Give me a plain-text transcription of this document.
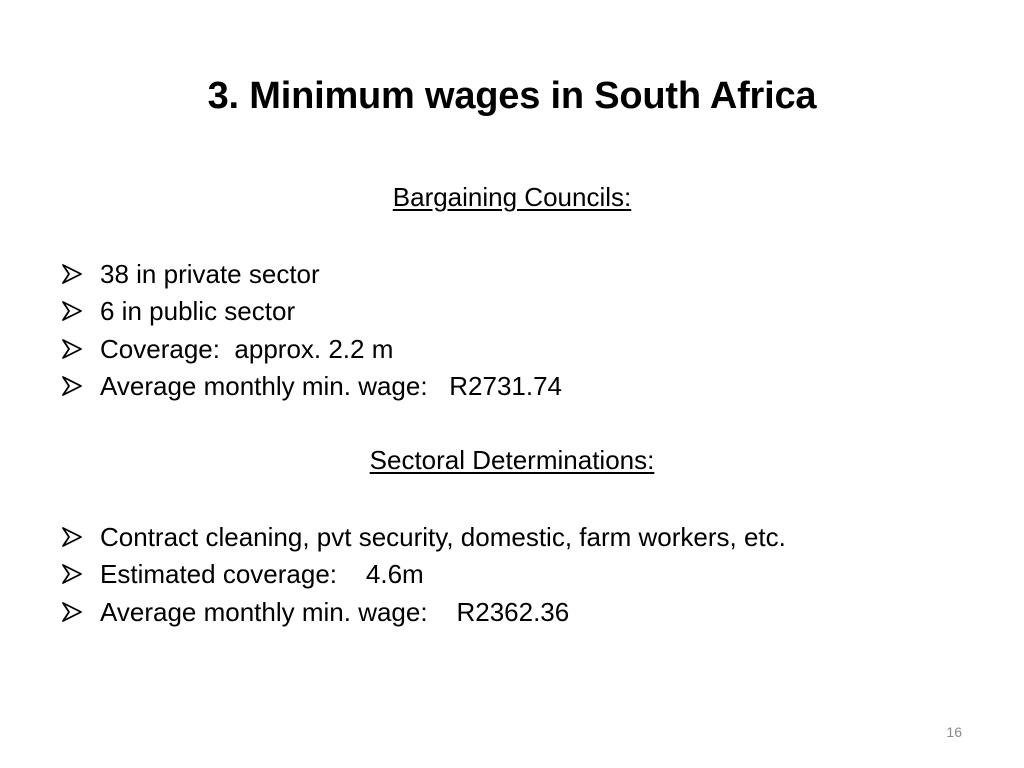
3. Minimum wages in South Africa
Bargaining Councils:
38 in private sector
6 in public sector
Coverage:  approx. 2.2 m
Average monthly min. wage:   R2731.74
Sectoral Determinations:
Contract cleaning, pvt security, domestic, farm workers, etc.
Estimated coverage:    4.6m
Average monthly min. wage:    R2362.36
16
